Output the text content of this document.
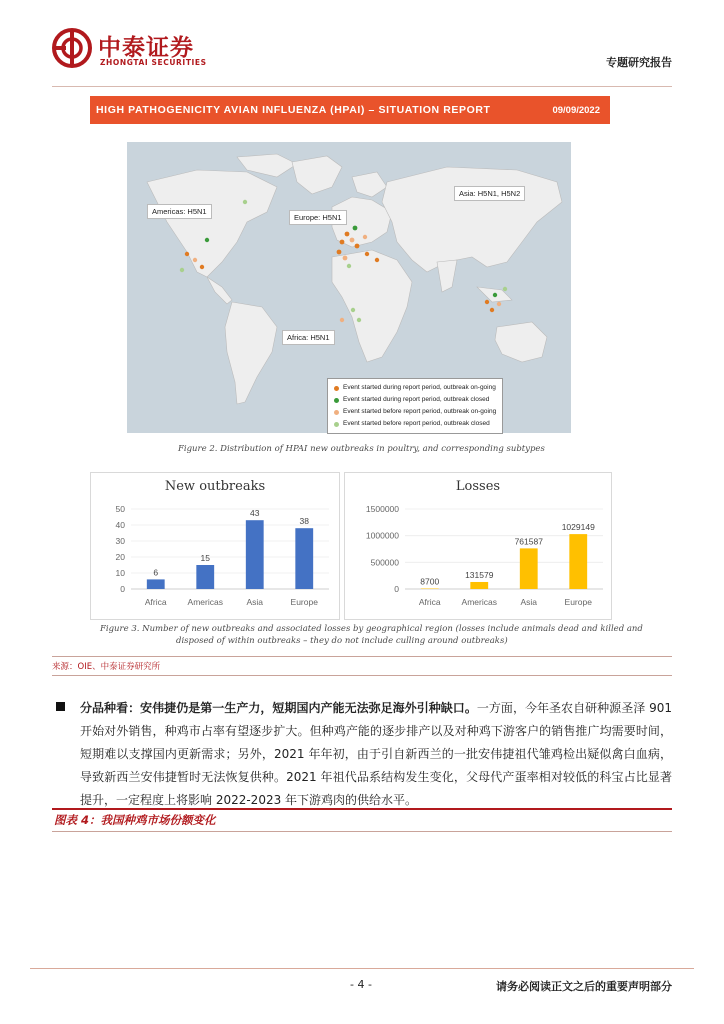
中泰证券
ZHONGTAI SECURITIES	专题研究报告
HIGH PATHOGENICITY AVIAN INFLUENZA (HPAI) – SITUATION REPORT	09/09/2022
Americas: H5N1
Europe: H5N1
Asia: H5N1, H5N2
Africa: H5N1
Event started during report period, outbreak on-going
Event started during report period, outbreak closed
Event started before report period, outbreak on-going
Event started before report period, outbreak closed
Figure 2. Distribution of HPAI new outbreaks in poultry, and corresponding subtypes
New outbreaks
0
10
20
30
40
50
6
Africa
15
Americas
43
Asia
38
Europe
Losses
0
500000
1000000
1500000
8700
Africa
131579
Americas
761587
Asia
1029149
Europe
Figure 3. Number of new outbreaks and associated losses by geographical region (losses include animals dead and killed and
disposed of within outbreaks – they do not include culling around outbreaks)
来源：OIE、中泰证券研究所
分品种看：安伟捷仍是第一生产力，短期国内产能无法弥足海外引种缺口。一方面，今年圣农自研种源圣泽 901 开始对外销售，种鸡市占率有望逐步扩大。但种鸡产能的逐步排产以及对种鸡下游客户的销售推广均需要时间，短期难以支撑国内更新需求；另外，2021 年年初，由于引自新西兰的一批安伟捷祖代雏鸡检出疑似禽白血病，导致新西兰安伟捷暂时无法恢复供种。2021 年祖代品系结构发生变化，父母代产蛋率相对较低的科宝占比显著提升，一定程度上将影响 2022-2023 年下游鸡肉的供给水平。
图表 4：我国种鸡市场份额变化
- 4 -	请务必阅读正文之后的重要声明部分
